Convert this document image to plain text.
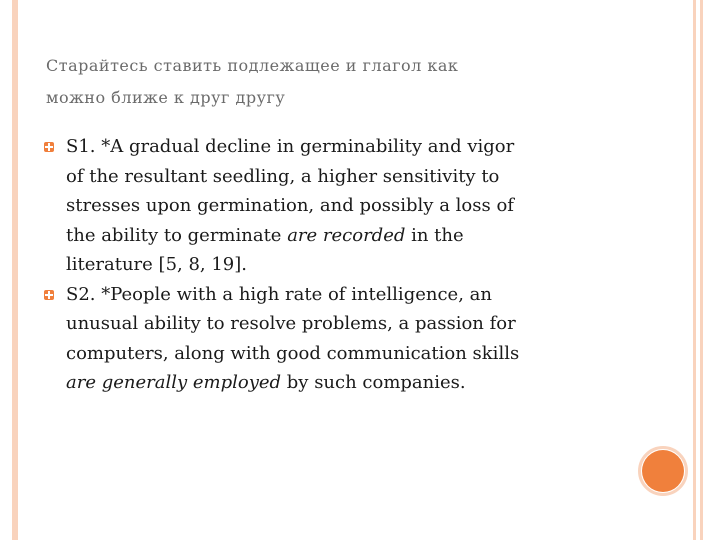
Старайтесь ставить подлежащее и глагол как
можно ближе к друг другу
S1. *A gradual decline in germinability and vigor
of the resultant seedling, a higher sensitivity to
stresses upon germination, and possibly a loss of
the ability to germinate are recorded in the
literature [5, 8, 19].
S2. *People with a high rate of intelligence, an
unusual ability to resolve problems, a passion for
computers, along with good communication skills
are generally employed by such companies.
